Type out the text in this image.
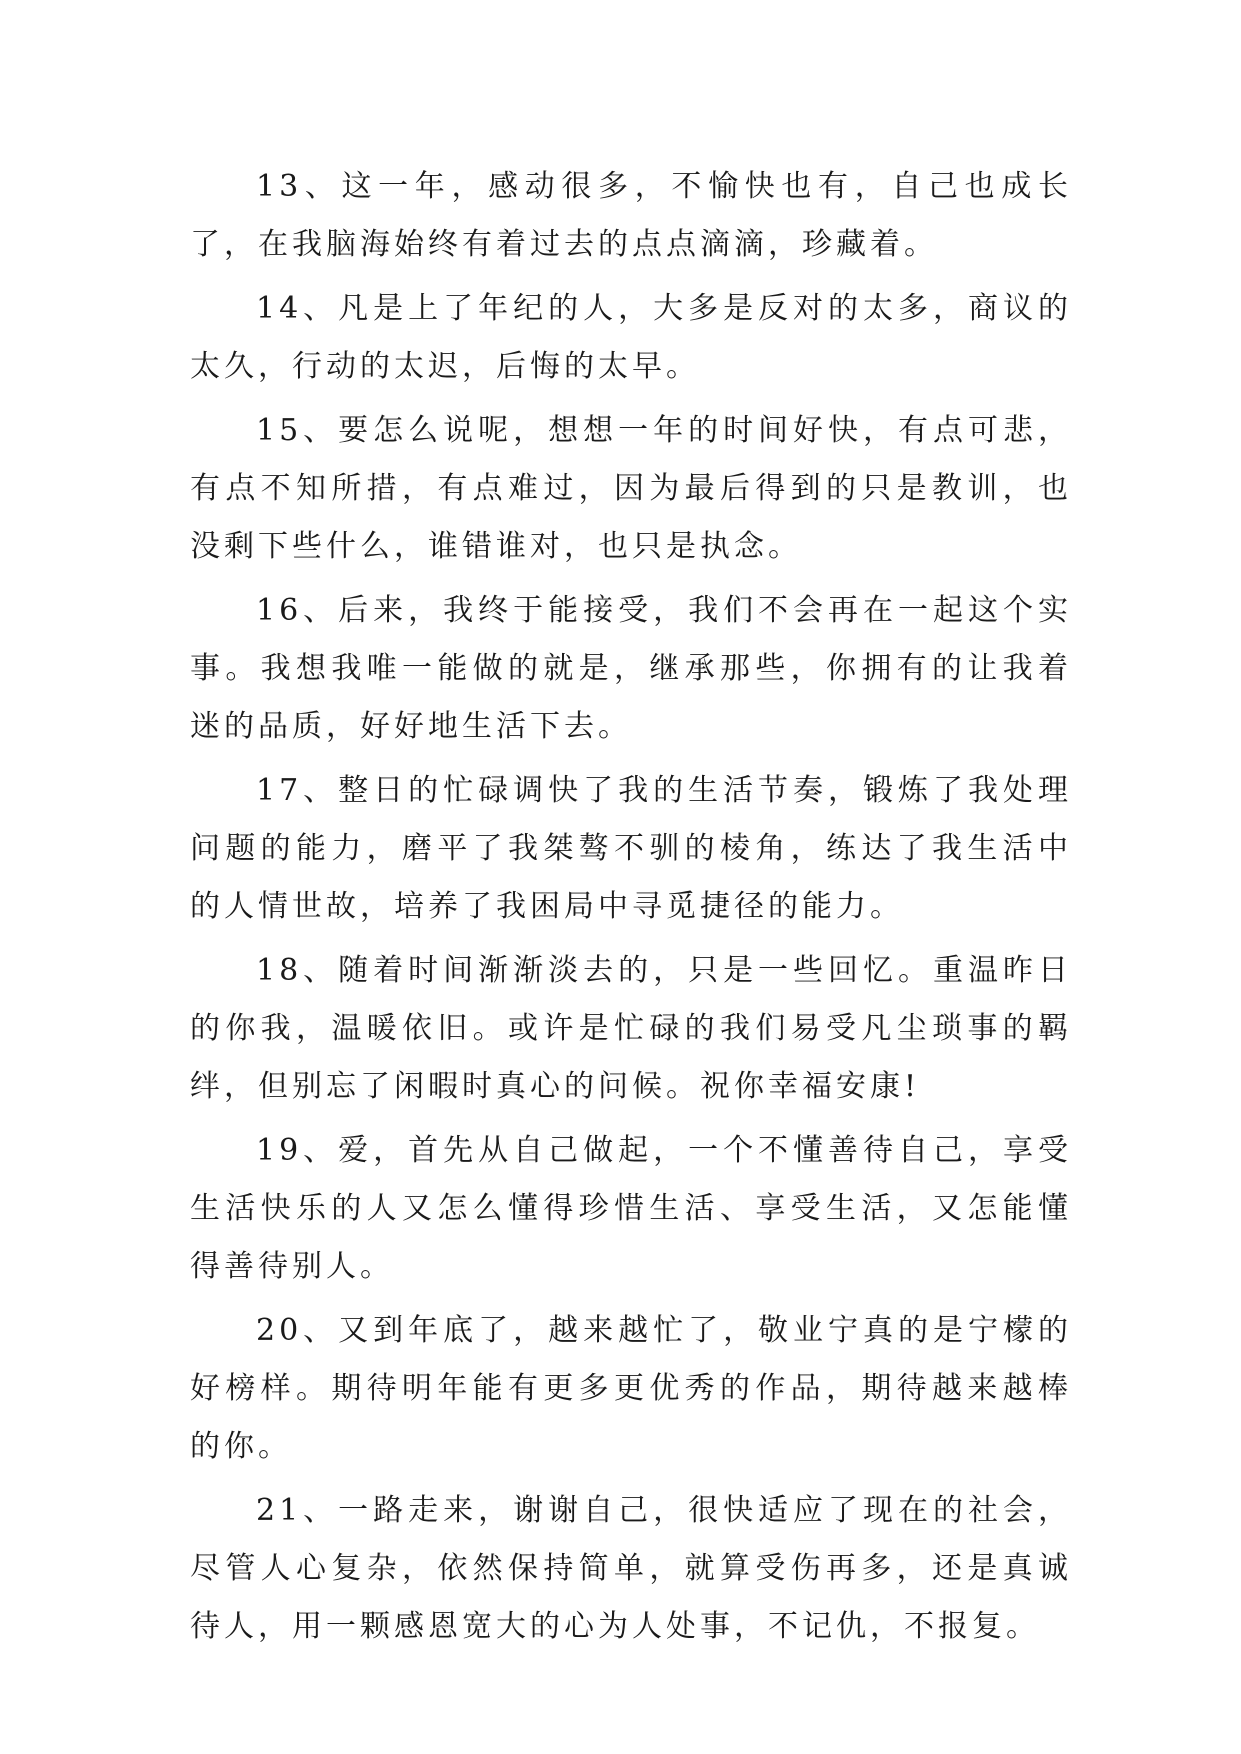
13、这一年，感动很多，不愉快也有，自己也成长了，在我脑海始终有着过去的点点滴滴，珍藏着。

14、凡是上了年纪的人，大多是反对的太多，商议的太久，行动的太迟，后悔的太早。

15、要怎么说呢，想想一年的时间好快，有点可悲，有点不知所措，有点难过，因为最后得到的只是教训，也没剩下些什么，谁错谁对，也只是执念。

16、后来，我终于能接受，我们不会再在一起这个实事。我想我唯一能做的就是，继承那些，你拥有的让我着迷的品质，好好地生活下去。

17、整日的忙碌调快了我的生活节奏，锻炼了我处理问题的能力，磨平了我桀骜不驯的棱角，练达了我生活中的人情世故，培养了我困局中寻觅捷径的能力。

18、随着时间渐渐淡去的，只是一些回忆。重温昨日的你我，温暖依旧。或许是忙碌的我们易受凡尘琐事的羁绊，但别忘了闲暇时真心的问候。祝你幸福安康!

19、爱，首先从自己做起，一个不懂善待自己，享受生活快乐的人又怎么懂得珍惜生活、享受生活，又怎能懂得善待别人。

20、又到年底了，越来越忙了，敬业宁真的是宁檬的好榜样。期待明年能有更多更优秀的作品，期待越来越棒的你。

21、一路走来，谢谢自己，很快适应了现在的社会，尽管人心复杂，依然保持简单，就算受伤再多，还是真诚待人，用一颗感恩宽大的心为人处事，不记仇，不报复。
